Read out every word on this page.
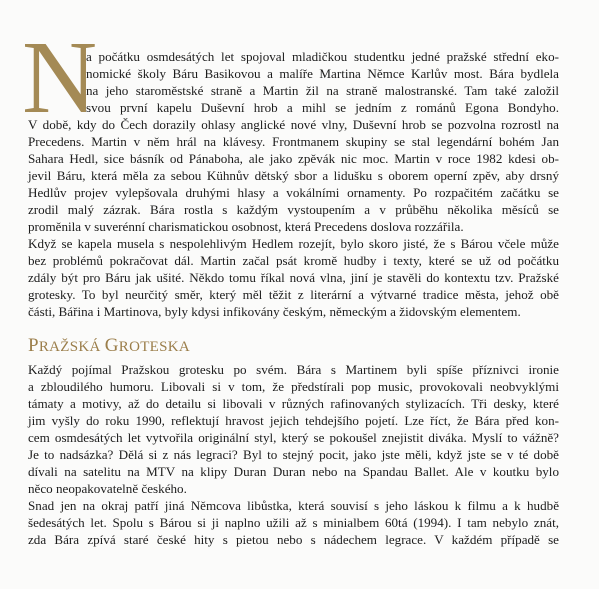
N
a počátku osmdesátých let spojoval mladičkou studentku jedné pražské střední eko-
nomické školy Báru Basikovou a malíře Martina Němce Karlův most. Bára bydlela
na jeho staroměstské straně a Martin žil na straně malostranské. Tam také založil
svou první kapelu Duševní hrob a mihl se jedním z románů Egona Bondyho.
V době, kdy do Čech dorazily ohlasy anglické nové vlny, Duševní hrob se pozvolna rozrostl na
Precedens. Martin v něm hrál na klávesy. Frontmanem skupiny se stal legendární bohém Jan
Sahara Hedl, sice básník od Pánaboha, ale jako zpěvák nic moc. Martin v roce 1982 kdesi ob-
jevil Báru, která měla za sebou Kühnův dětský sbor a lidušku s oborem operní zpěv, aby drsný
Hedlův projev vylepšovala druhými hlasy a vokálními ornamenty. Po rozpačitém začátku se
zrodil malý zázrak. Bára rostla s každým vystoupením a v průběhu několika měsíců se
proměnila v suverénní charismatickou osobnost, která Precedens doslova rozzářila.
Když se kapela musela s nespolehlivým Hedlem rozejít, bylo skoro jisté, že s Bárou včele může
bez problémů pokračovat dál. Martin začal psát kromě hudby i texty, které se už od počátku
zdály být pro Báru jak ušité. Někdo tomu říkal nová vlna, jiní je stavěli do kontextu tzv. Pražské
grotesky. To byl neurčitý směr, který měl těžit z literární a výtvarné tradice města, jehož obě
části, Bářina i Martinova, byly kdysi infikovány českým, německým a židovským elementem.
PRAŽSKÁ GROTESKA
Každý pojímal Pražskou grotesku po svém. Bára s Martinem byli spíše příznivci ironie
a zbloudilého humoru. Libovali si v tom, že předstírali pop music, provokovali neobvyklými
támaty a motivy, až do detailu si libovali v různých rafinovaných stylizacích. Tři desky, které
jim vyšly do roku 1990, reflektují hravost jejich tehdejšího pojetí. Lze říct, že Bára před kon-
cem osmdesátých let vytvořila originální styl, který se pokoušel znejistit diváka. Myslí to vážně?
Je to nadsázka? Dělá si z nás legraci? Byl to stejný pocit, jako jste měli, když jste se v té době
dívali na satelitu na MTV na klipy Duran Duran nebo na Spandau Ballet. Ale v koutku bylo
něco neopakovatelně českého.
Snad jen na okraj patří jiná Němcova libůstka, která souvisí s jeho láskou k filmu a k hudbě
šedesátých let. Spolu s Bárou si ji naplno užili až s minialbem 60tá (1994). I tam nebylo znát,
zda Bára zpívá staré české hity s pietou nebo s nádechem legrace. V každém případě se
